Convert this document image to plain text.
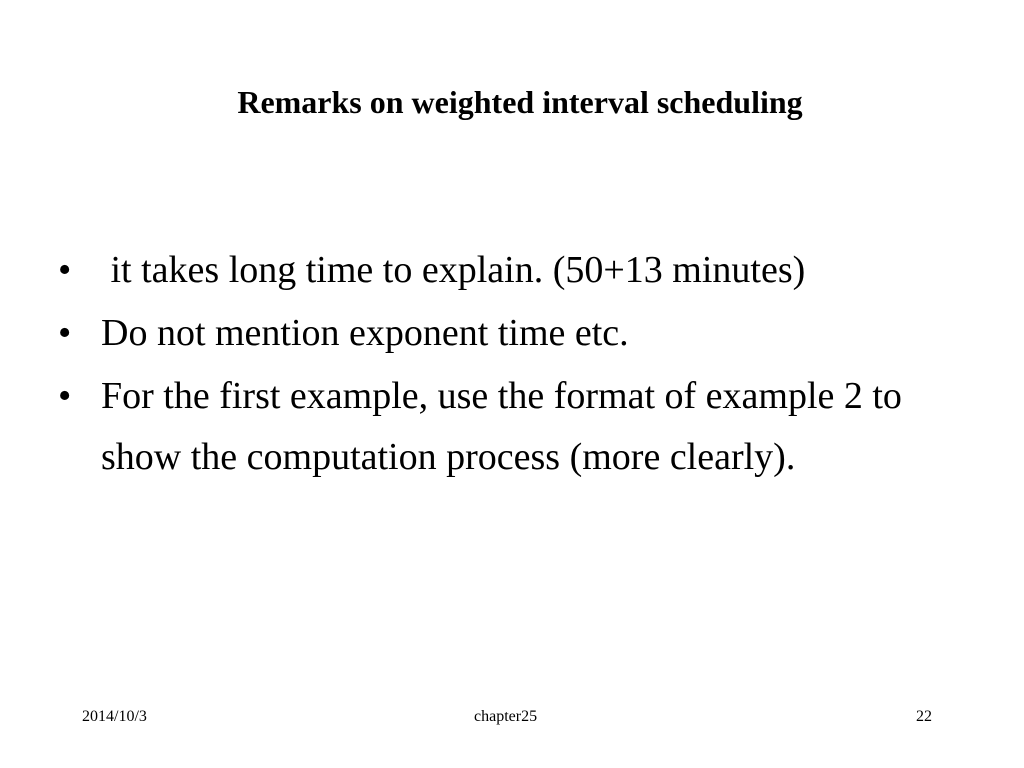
Remarks on weighted interval scheduling
• it takes long time to explain. (50+13 minutes)
• Do not mention exponent time etc.
• For the first example, use the format of example 2 to show the computation process (more clearly).
2014/10/3	chapter25	22
